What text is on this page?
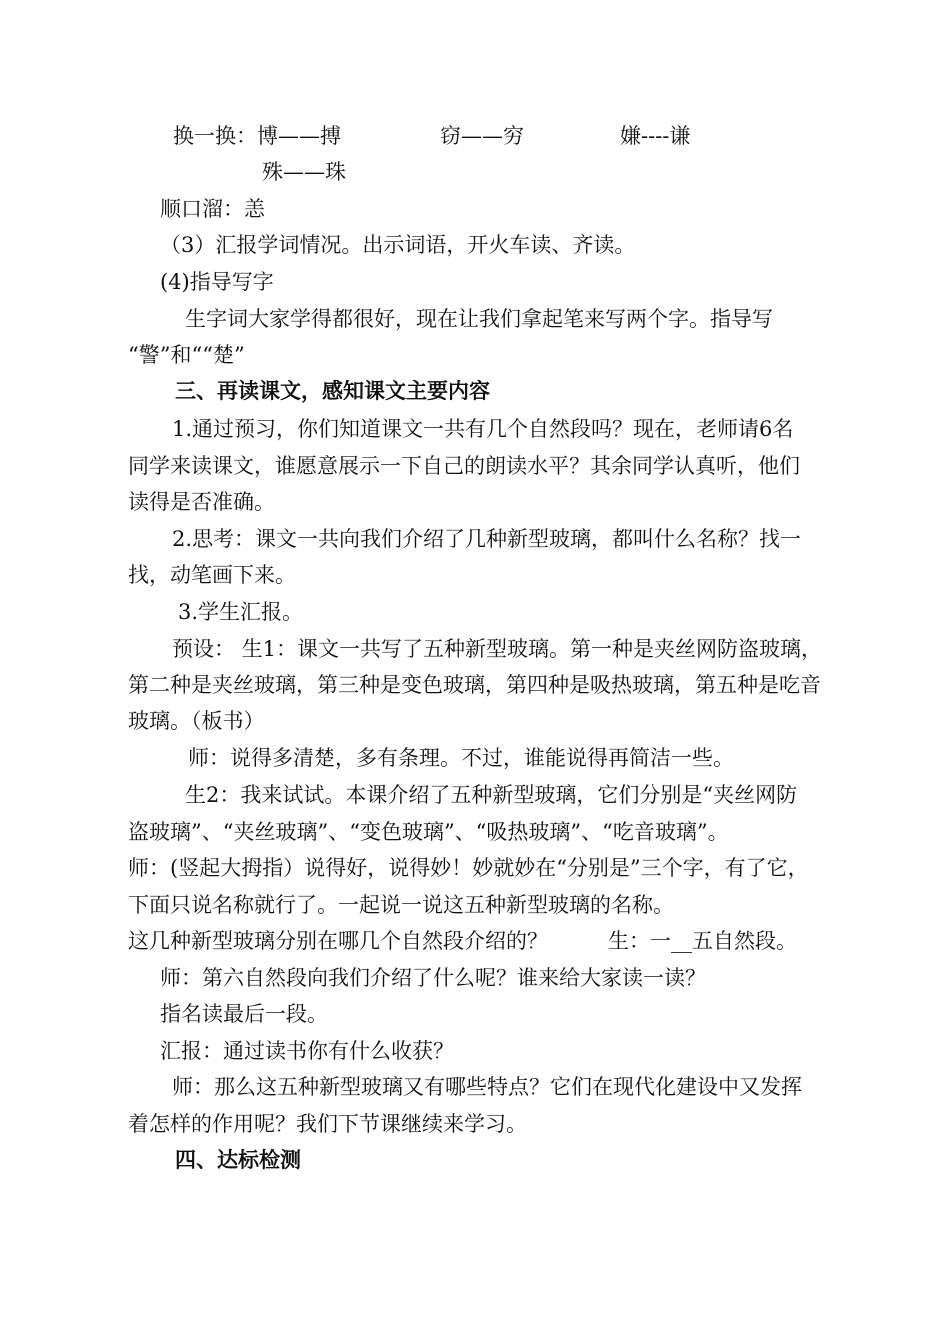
换一换：博——搏	窃——穷	嫌----谦
殊——珠
顺口溜：恙
（3）汇报学词情况。出示词语，开火车读、齐读。
(4)指导写字
生字词大家学得都很好，现在让我们拿起笔来写两个字。指导写
“警”和““楚”
三、再读课文，感知课文主要内容
1.通过预习，你们知道课文一共有几个自然段吗？现在，老师请6名
同学来读课文，谁愿意展示一下自己的朗读水平？其余同学认真听，他们
读得是否准确。
2.思考：课文一共向我们介绍了几种新型玻璃，都叫什么名称？找一
找，动笔画下来。
3.学生汇报。
预设： 生1：课文一共写了五种新型玻璃。第一种是夹丝网防盗玻璃，
第二种是夹丝玻璃，第三种是变色玻璃，第四种是吸热玻璃，第五种是吃音
玻璃。（板书）
师：说得多清楚，多有条理。不过，谁能说得再简洁一些。
生2：我来试试。本课介绍了五种新型玻璃，它们分别是“夹丝网防
盗玻璃”、“夹丝玻璃”、“变色玻璃”、“吸热玻璃”、“吃音玻璃”。
师：(竖起大拇指）说得好，说得妙！妙就妙在“分别是”三个字，有了它，
下面只说名称就行了。一起说一说这五种新型玻璃的名称。
这几种新型玻璃分别在哪几个自然段介绍的？	生：一__五自然段。
师：第六自然段向我们介绍了什么呢？谁来给大家读一读？
指名读最后一段。
汇报：通过读书你有什么收获？
师：那么这五种新型玻璃又有哪些特点？它们在现代化建设中又发挥
着怎样的作用呢？我们下节课继续来学习。
四、达标检测
